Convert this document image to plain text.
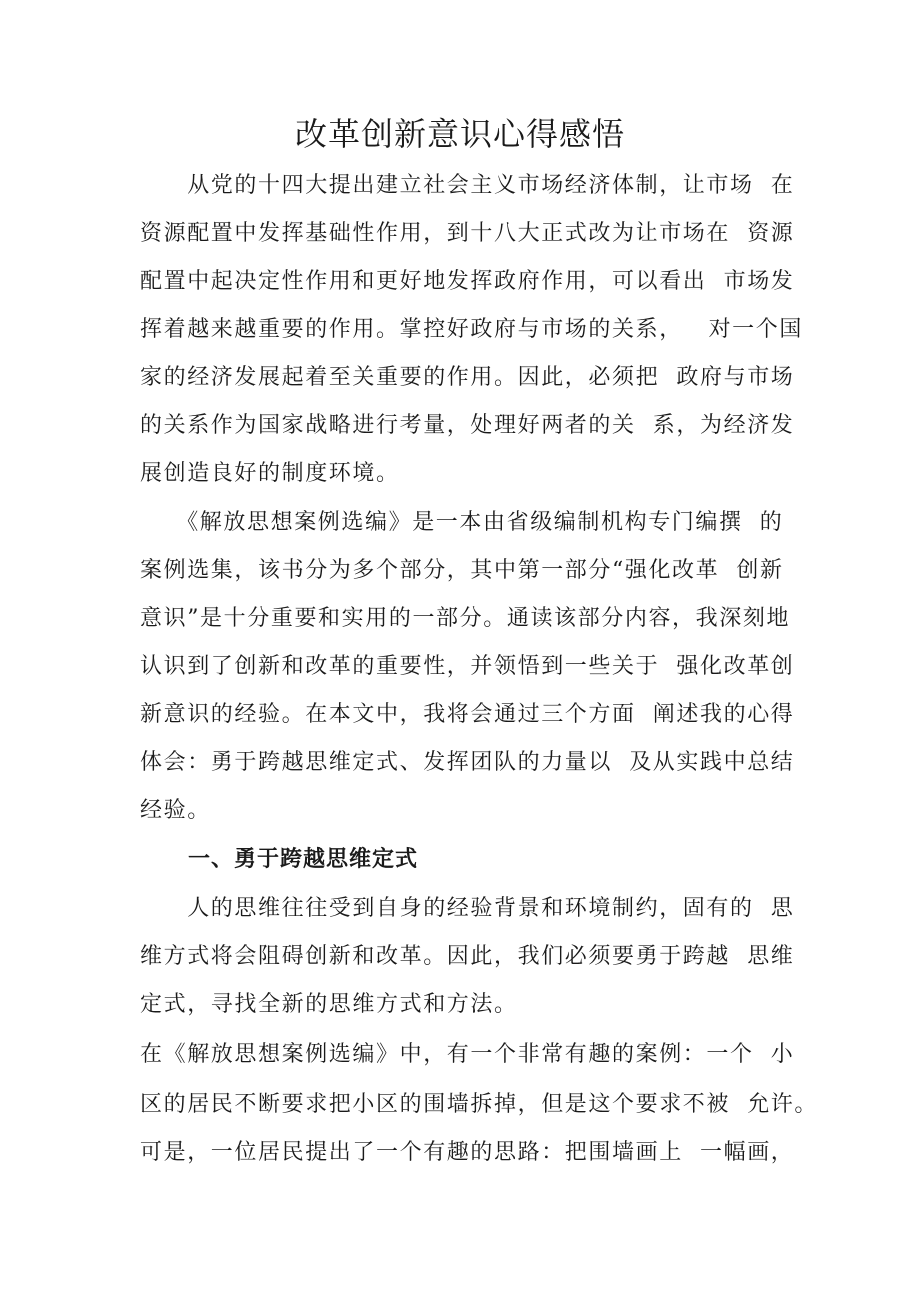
改革创新意识心得感悟

　　从党的十四大提出建立社会主义市场经济体制，让市场  在

资源配置中发挥基础性作用，到十八大正式改为让市场在  资源

配置中起决定性作用和更好地发挥政府作用，可以看出  市场发

挥着越来越重要的作用。掌控好政府与市场的关系，   对一个国

家的经济发展起着至关重要的作用。因此，必须把  政府与市场

的关系作为国家战略进行考量，处理好两者的关  系，为经济发

展创造良好的制度环境。

　　《解放思想案例选编》是一本由省级编制机构专门编撰  的

案例选集，该书分为多个部分，其中第一部分“强化改革  创新

意识”是十分重要和实用的一部分。通读该部分内容，我深刻地

认识到了创新和改革的重要性，并领悟到一些关于  强化改革创

新意识的经验。在本文中，我将会通过三个方面  阐述我的心得

体会：勇于跨越思维定式、发挥团队的力量以  及从实践中总结

经验。

一、勇于跨越思维定式

　　人的思维往往受到自身的经验背景和环境制约，固有的  思

维方式将会阻碍创新和改革。因此，我们必须要勇于跨越  思维

定式，寻找全新的思维方式和方法。

在《解放思想案例选编》中，有一个非常有趣的案例：一个  小

区的居民不断要求把小区的围墙拆掉，但是这个要求不被  允许。

可是，一位居民提出了一个有趣的思路：把围墙画上  一幅画，
